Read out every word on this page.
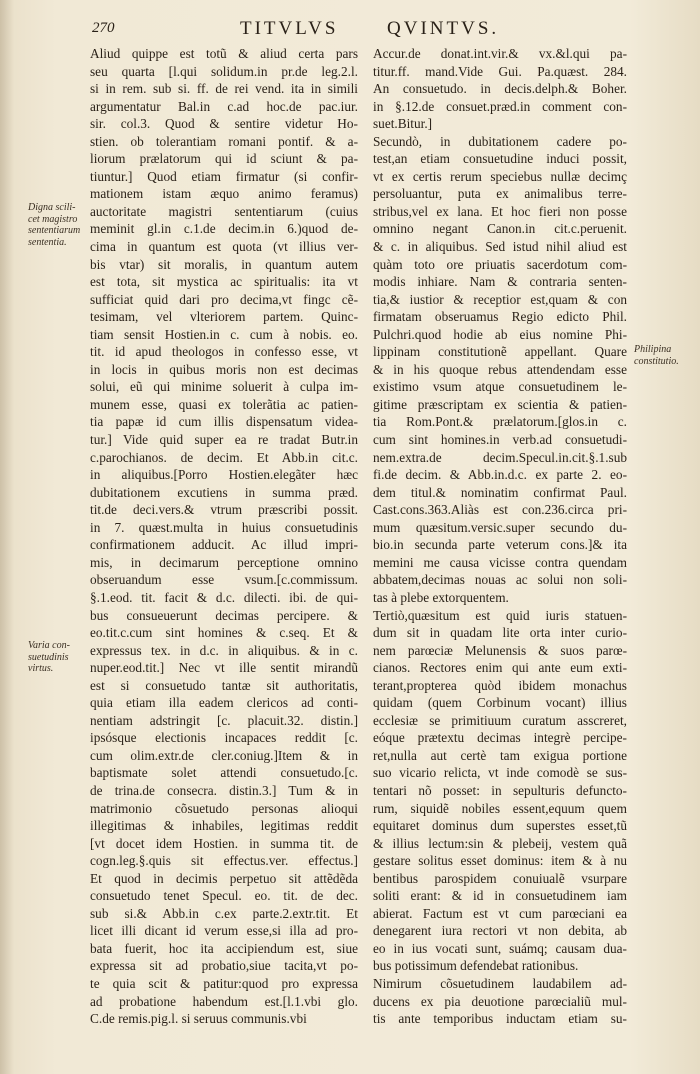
270	TITVLVS	QVINTVS.
Aliud quippe est totũ & aliud certa pars
seu quarta [l.qui solidum.in pr.de leg.2.l.
si in rem. sub si. ff. de rei vend. ita in simili
argumentatur Bal.in c.ad hoc.de pac.iur.
sir. col.3. Quod & sentire videtur Ho-
stien. ob tolerantiam romani pontif. & a-
liorum prælatorum qui id sciunt & pa-
tiuntur.] Quod etiam firmatur (si confir-
mationem istam æquo animo feramus)
auctoritate magistri sententiarum (cuius
meminit gl.in c.1.de decim.in 6.)quod de-
cima in quantum est quota (vt illius ver-
bis vtar) sit moralis, in quantum autem
est tota, sit mystica ac spiritualis: ita vt
sufficiat quid dari pro decima,vt fingc cẽ-
tesimam, vel vlteriorem partem. Quinc-
tiam sensit Hostien.in c. cum à nobis. eo.
tit. id apud theologos in confesso esse, vt
in locis in quibus moris non est decimas
solui, eũ qui minime soluerit à culpa im-
munem esse, quasi ex tolerãtia ac patien-
tia papæ id cum illis dispensatum videa-
tur.] Vide quid super ea re tradat Butr.in
c.parochianos. de decim. Et Abb.in cit.c.
in aliquibus.[Porro Hostien.elegãter hæc
dubitationem excutiens in summa præd.
tit.de deci.vers.& vtrum præscribi possit.
in 7. quæst.multa in huius consuetudinis
confirmationem adducit. Ac illud impri-
mis, in decimarum perceptione omnino
obseruandum esse vsum.[c.commissum.
§.1.eod. tit. facit & d.c. dilecti. ibi. de qui-
bus consueuerunt decimas percipere. &
eo.tit.c.cum sint homines & c.seq. Et &
expressus tex. in d.c. in aliquibus. & in c.
nuper.eod.tit.] Nec vt ille sentit mirandũ
est si consuetudo tantæ sit authoritatis,
quia etiam illa eadem clericos ad conti-
nentiam adstringit [c. placuit.32. distin.]
ipsósque electionis incapaces reddit [c.
cum olim.extr.de cler.coniug.]Item & in
baptismate solet attendi consuetudo.[c.
de trina.de consecra. distin.3.] Tum & in
matrimonio cõsuetudo personas alioqui
illegitimas & inhabiles, legitimas reddit
[vt docet idem Hostien. in summa tit. de
cogn.leg.§.quis sit effectus.ver. effectus.]
Et quod in decimis perpetuo sit attẽdẽda
consuetudo tenet Specul. eo. tit. de dec.
sub si.& Abb.in c.ex parte.2.extr.tit. Et
licet illi dicant id verum esse,si illa ad pro-
bata fuerit, hoc ita accipiendum est, siue
expressa sit ad probatio,siue tacita,vt po-
te quia scit & patitur:quod pro expressa
ad probatione habendum est.[l.1.vbi glo.
C.de remis.pig.l. si seruus communis.vbi
Accur.de donat.int.vir.& vx.&l.qui pa-
titur.ff. mand.Vide Gui. Pa.quæst. 284.
An consuetudo. in decis.delph.& Boher.
in §.12.de consuet.præd.in comment con-
suet.Bitur.]
Secundò, in dubitationem cadere po-
test,an etiam consuetudine induci possit,
vt ex certis rerum speciebus nullæ decimç
persoluantur, puta ex animalibus terre-
stribus,vel ex lana. Et hoc fieri non posse
omnino negant Canon.in cit.c.peruenit.
& c. in aliquibus. Sed istud nihil aliud est
quàm toto ore priuatis sacerdotum com-
modis inhiare. Nam & contraria senten-
tia,& iustior & receptior est,quam & con
firmatam obseruamus Regio edicto Phil.
Pulchri.quod hodie ab eius nomine Phi-
lippinam constitutionẽ appellant. Quare
& in his quoque rebus attendendam esse
existimo vsum atque consuetudinem le-
gitime præscriptam ex scientia & patien-
tia Rom.Pont.& prælatorum.[glos.in c.
cum sint homines.in verb.ad consuetudi-
nem.extra.de decim.Specul.in.cit.§.1.sub
fi.de decim. & Abb.in.d.c. ex parte 2. eo-
dem titul.& nominatim confirmat Paul.
Cast.cons.363.Aliàs est con.236.circa pri-
mum quæsitum.versic.super secundo du-
bio.in secunda parte veterum cons.]& ita
memini me causa vicisse contra quendam
abbatem,decimas nouas ac solui non soli-
tas à plebe extorquentem.
Tertiò,quæsitum est quid iuris statuen-
dum sit in quadam lite orta inter curio-
nem parœciæ Melunensis & suos parœ-
cianos. Rectores enim qui ante eum exti-
terant,propterea quòd ibidem monachus
quidam (quem Corbinum vocant) illius
ecclesiæ se primitiuum curatum asscreret,
eóque prætextu decimas integrè percipe-
ret,nulla aut certè tam exigua portione
suo vicario relicta, vt inde comodè se sus-
tentari nõ posset: in sepulturis defuncto-
rum, siquidẽ nobiles essent,equum quem
equitaret dominus dum superstes esset,tũ
& illius lectum:sin & plebeij, vestem quã
gestare solitus esset dominus: item & à nu
bentibus parospidem conuiualẽ vsurpare
soliti erant: & id in consuetudinem iam
abierat. Factum est vt cum parœciani ea
denegarent iura rectori vt non debita, ab
eo in ius vocati sunt, suámq; causam dua-
bus potissimum defendebat rationibus.
Nimirum cõsuetudinem laudabilem ad-
ducens ex pia deuotione parœcialiũ mul-
tis ante temporibus inductam etiam su-
Digna scili-
cet magistro
sententiarum
sententia.
Varia con-
suetudinis
virtus.
Philipina
constitutio.
